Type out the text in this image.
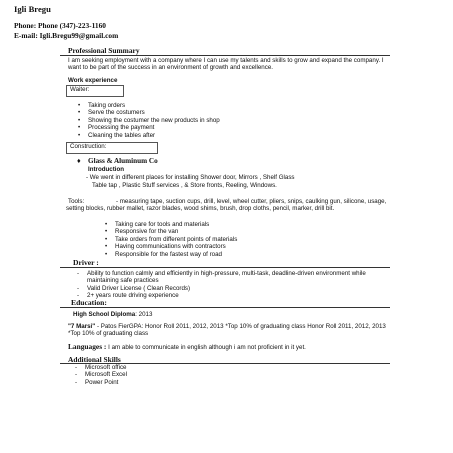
Igli Bregu
Phone: Phone (347)-223-1160
E-mail: Igli.Bregu99@gmail.com
Professional Summary
I am seeking employment with a company where I can use my talents and skills to grow and expand the company. I want to be part of the success in an environment of growth and excellence.
Work experience
Waiter:
• Taking orders
• Serve the costumers
• Showing the costumer the new products in shop
• Processing the payment
• Cleaning the tables after
Construction:
Glass & Aluminum Co
♦
Introduction
- We went in different places for installing Shower door, Mirrors , Shelf Glass
Table tap , Plastic Stuff services , & Store fronts, Reeling, Windows.
Tools:	- measuring tape, suction cups, drill, level, wheel cutter, pliers, snips, caulking gun, silicone, usage, setting blocks, rubber mallet, razor blades, wood shims, brush, drop cloths, pencil, marker, drill bit.
• Taking care for tools and materials
• Responsive for the van
• Take orders from different points of materials
• Having communications with contractors
• Responsible for the fastest way of road
Driver :
- Ability to function calmly and efficiently in high-pressure, multi-task, deadline-driven environment while maintaining safe practices
- Valid Driver License ( Clean Records)
- 2+ years route driving experience
Education:
High School Diploma: 2013
"7 Marsi" - Patos FierGPA: Honor Roll 2011, 2012, 2013 *Top 10% of graduating class Honor Roll 2011, 2012, 2013 *Top 10% of graduating class
Languages : I am able to communicate in english although i am not proficient in it yet.
Additional Skills
- Microsoft office
- Microsoft Excel
- Power Point
